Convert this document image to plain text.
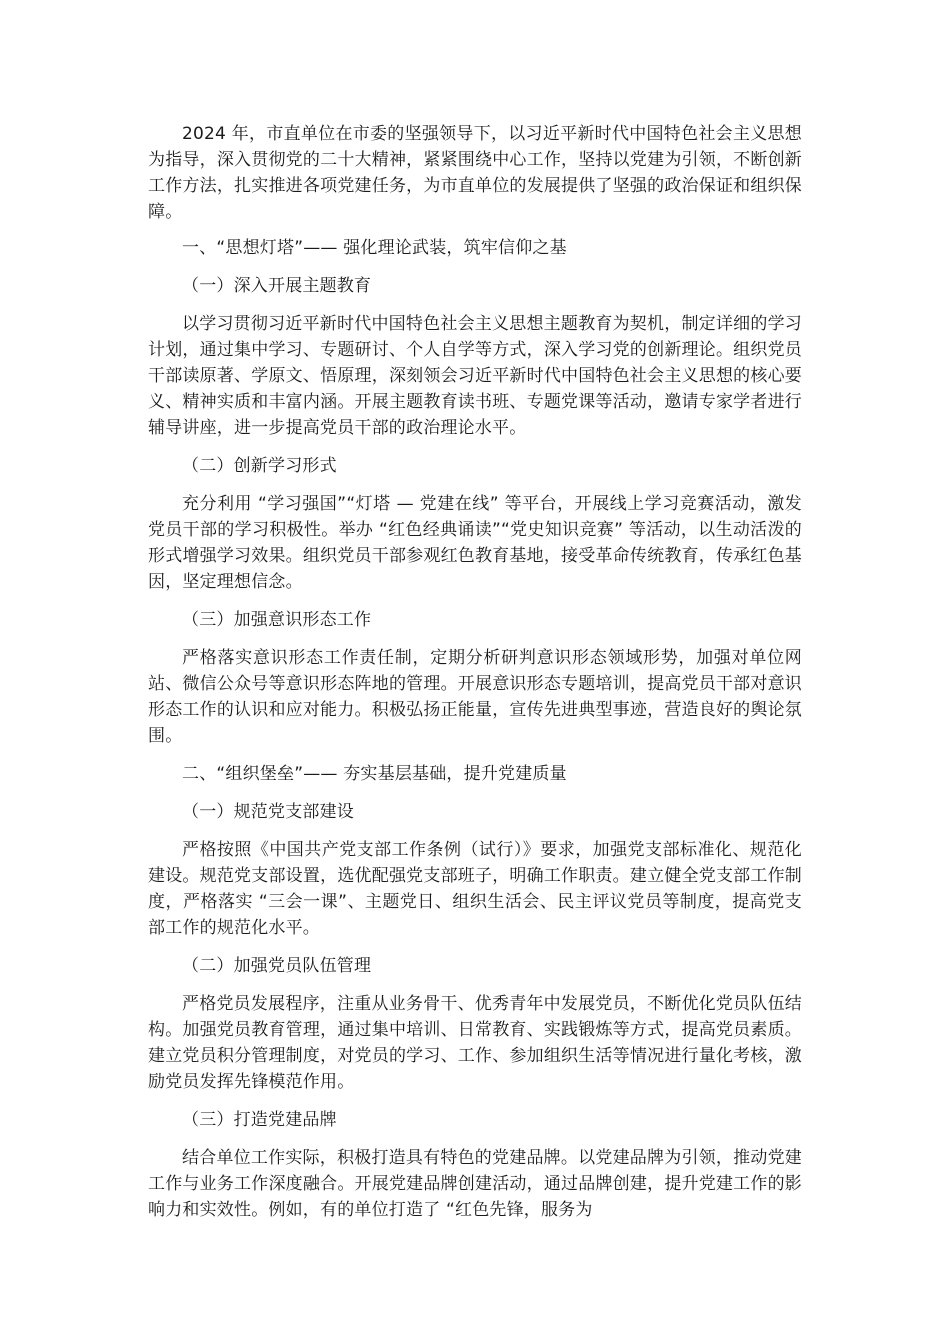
2024 年，市直单位在市委的坚强领导下，以习近平新时代中国特色社会主义思想为指导，深入贯彻党的二十大精神，紧紧围绕中心工作，坚持以党建为引领，不断创新工作方法，扎实推进各项党建任务，为市直单位的发展提供了坚强的政治保证和组织保障。

一、“思想灯塔”—— 强化理论武装，筑牢信仰之基

（一）深入开展主题教育

以学习贯彻习近平新时代中国特色社会主义思想主题教育为契机，制定详细的学习计划，通过集中学习、专题研讨、个人自学等方式，深入学习党的创新理论。组织党员干部读原著、学原文、悟原理，深刻领会习近平新时代中国特色社会主义思想的核心要义、精神实质和丰富内涵。开展主题教育读书班、专题党课等活动，邀请专家学者进行辅导讲座，进一步提高党员干部的政治理论水平。

（二）创新学习形式

充分利用 “学习强国”“灯塔 — 党建在线” 等平台，开展线上学习竞赛活动，激发党员干部的学习积极性。举办 “红色经典诵读”“党史知识竞赛” 等活动，以生动活泼的形式增强学习效果。组织党员干部参观红色教育基地，接受革命传统教育，传承红色基因，坚定理想信念。

（三）加强意识形态工作

严格落实意识形态工作责任制，定期分析研判意识形态领域形势，加强对单位网站、微信公众号等意识形态阵地的管理。开展意识形态专题培训，提高党员干部对意识形态工作的认识和应对能力。积极弘扬正能量，宣传先进典型事迹，营造良好的舆论氛围。

二、“组织堡垒”—— 夯实基层基础，提升党建质量

（一）规范党支部建设

严格按照《中国共产党支部工作条例（试行）》要求，加强党支部标准化、规范化建设。规范党支部设置，选优配强党支部班子，明确工作职责。建立健全党支部工作制度，严格落实 “三会一课”、主题党日、组织生活会、民主评议党员等制度，提高党支部工作的规范化水平。

（二）加强党员队伍管理

严格党员发展程序，注重从业务骨干、优秀青年中发展党员，不断优化党员队伍结构。加强党员教育管理，通过集中培训、日常教育、实践锻炼等方式，提高党员素质。建立党员积分管理制度，对党员的学习、工作、参加组织生活等情况进行量化考核，激励党员发挥先锋模范作用。

（三）打造党建品牌

结合单位工作实际，积极打造具有特色的党建品牌。以党建品牌为引领，推动党建工作与业务工作深度融合。开展党建品牌创建活动，通过品牌创建，提升党建工作的影响力和实效性。例如，有的单位打造了 “红色先锋，服务为
